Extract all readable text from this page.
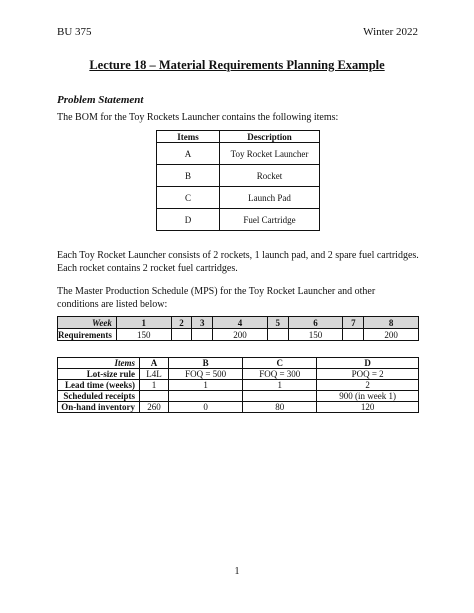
BU 375	Winter 2022
Lecture 18 – Material Requirements Planning Example
Problem Statement
The BOM for the Toy Rockets Launcher contains the following items:
Items	Description
A	Toy Rocket Launcher
B	Rocket
C	Launch Pad
D	Fuel Cartridge
Each Toy Rocket Launcher consists of 2 rockets, 1 launch pad, and 2 spare fuel cartridges. Each rocket contains 2 rocket fuel cartridges.
The Master Production Schedule (MPS) for the Toy Rocket Launcher and other conditions are listed below:
Week	1	2	3	4	5	6	7	8
Requirements	150			200		150		200
Items	A	B	C	D
Lot-size rule	L4L	FOQ = 500	FOQ = 300	POQ = 2
Lead time (weeks)	1	1	1	2
Scheduled receipts				900 (in week 1)
On-hand inventory	260	0	80	120
1
